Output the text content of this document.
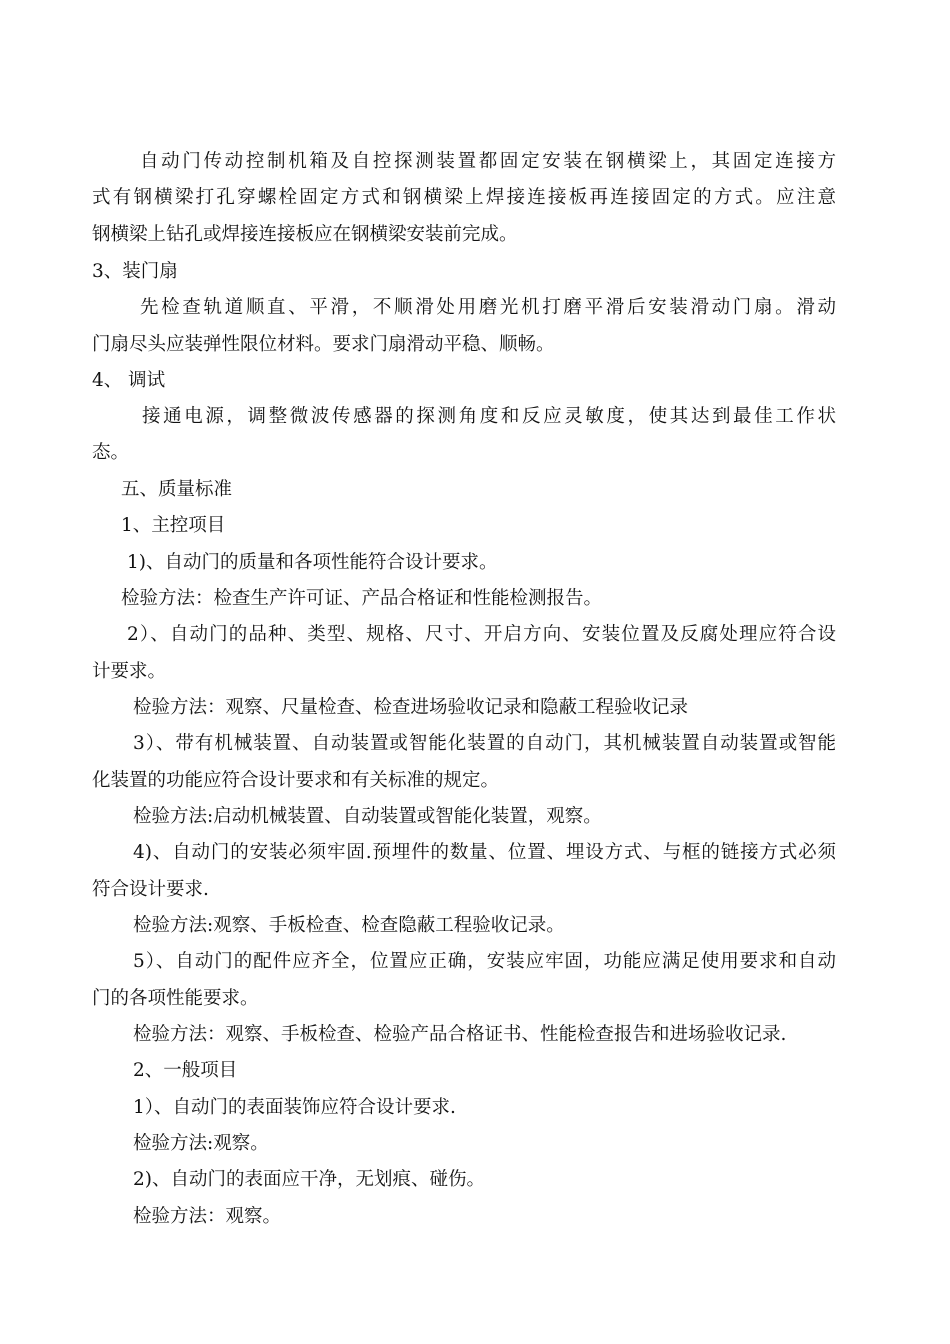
自动门传动控制机箱及自控探测装置都固定安装在钢横梁上，其固定连接方
式有钢横梁打孔穿螺栓固定方式和钢横梁上焊接连接板再连接固定的方式。应注意
钢横梁上钻孔或焊接连接板应在钢横梁安装前完成。
3、装门扇
先检查轨道顺直、平滑，不顺滑处用磨光机打磨平滑后安装滑动门扇。滑动
门扇尽头应装弹性限位材料。要求门扇滑动平稳、顺畅。
4、 调试
接通电源，调整微波传感器的探测角度和反应灵敏度，使其达到最佳工作状
态。
五、质量标准
1、主控项目
1)、自动门的质量和各项性能符合设计要求。
检验方法：检查生产许可证、产品合格证和性能检测报告。
2）、自动门的品种、类型、规格、尺寸、开启方向、安装位置及反腐处理应符合设
计要求。
检验方法：观察、尺量检查、检查进场验收记录和隐蔽工程验收记录
3）、带有机械装置、自动装置或智能化装置的自动门，其机械装置自动装置或智能
化装置的功能应符合设计要求和有关标准的规定。
检验方法:启动机械装置、自动装置或智能化装置，观察。
4)、自动门的安装必须牢固.预埋件的数量、位置、埋设方式、与框的链接方式必须
符合设计要求.
检验方法:观察、手板检查、检查隐蔽工程验收记录。
5）、自动门的配件应齐全，位置应正确，安装应牢固，功能应满足使用要求和自动
门的各项性能要求。
检验方法：观察、手板检查、检验产品合格证书、性能检查报告和进场验收记录.
2、一般项目
1）、自动门的表面装饰应符合设计要求.
检验方法:观察。
2)、自动门的表面应干净，无划痕、碰伤。
检验方法：观察。
